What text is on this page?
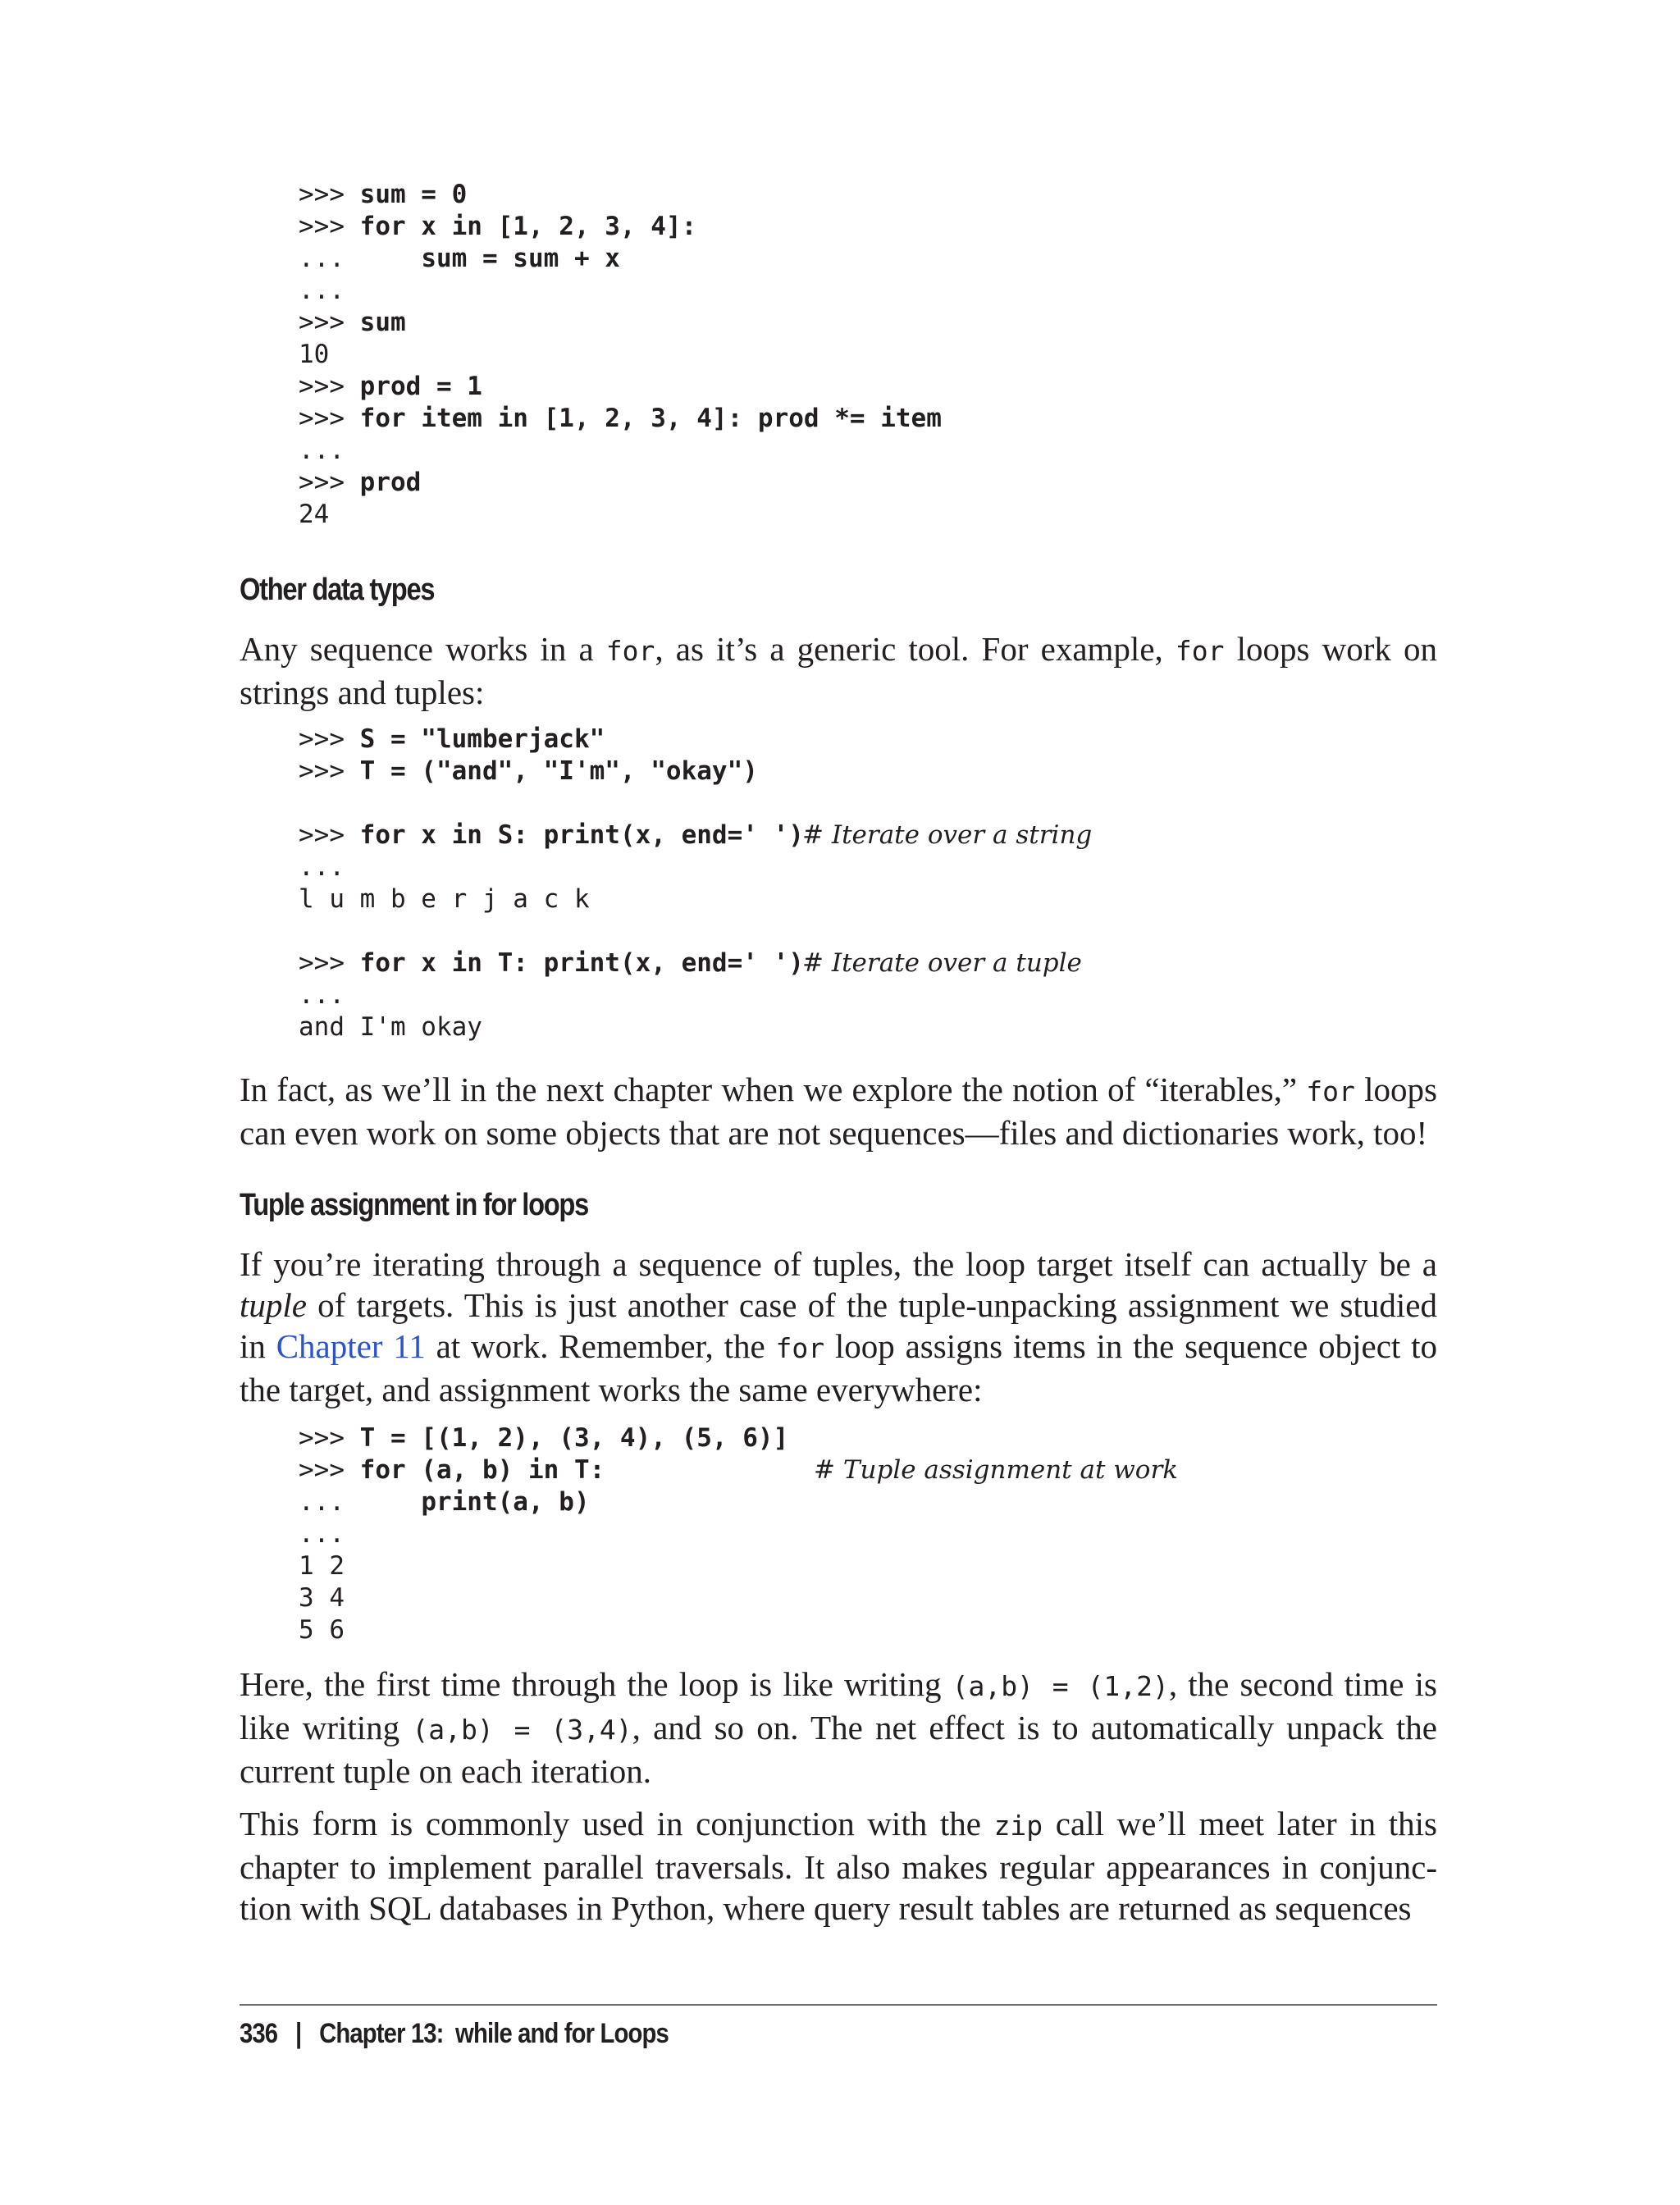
>>> sum = 0
>>> for x in [1, 2, 3, 4]:
...     sum = sum + x
...
>>> sum
10
>>> prod = 1
>>> for item in [1, 2, 3, 4]: prod *= item
...
>>> prod
24
Other data types

Any sequence works in a for, as it’s a generic tool. For example, for loops work on strings and tuples:

>>> S = "lumberjack"
>>> T = ("and", "I'm", "okay")
>>> for x in S: print(x, end=' ')
# Iterate over a string
...
l u m b e r j a c k
>>> for x in T: print(x, end=' ')
# Iterate over a tuple
...
and I'm okay

In fact, as we’ll in the next chapter when we explore the notion of “iterables,” for loops can even work on some objects that are not sequences—files and dictionaries work, too!

Tuple assignment in for loops

If you’re iterating through a sequence of tuples, the loop target itself can actually be a tuple of targets. This is just another case of the tuple-unpacking assignment we studied in Chapter 11 at work. Remember, the for loop assigns items in the sequence object to the target, and assignment works the same everywhere:

>>> T = [(1, 2), (3, 4), (5, 6)]
>>> for (a, b) in T:	# Tuple assignment at work
...     print(a, b)
...
1 2
3 4
5 6

Here, the first time through the loop is like writing (a,b) = (1,2), the second time is like writing (a,b) = (3,4), and so on. The net effect is to automatically unpack the current tuple on each iteration.

This form is commonly used in conjunction with the zip call we’ll meet later in this chapter to implement parallel traversals. It also makes regular appearances in conjunction with SQL databases in Python, where query result tables are returned as sequences

336 | Chapter 13:  while and for Loops
